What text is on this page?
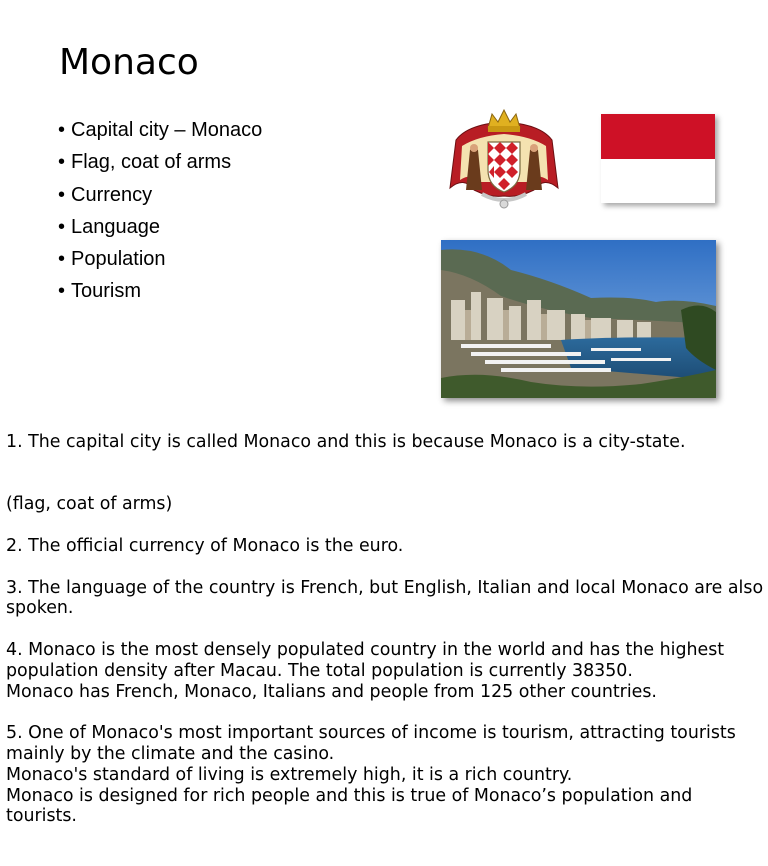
Monaco
• Capital city – Monaco
• Flag, coat of arms
• Currency
• Language
• Population
• Tourism

1. The capital city is called Monaco and this is because Monaco is a city-state.

(flag, coat of arms)

2. The official currency of Monaco is the euro.

3. The language of the country is French, but English, Italian and local Monaco are also spoken.

4. Monaco is the most densely populated country in the world and has the highest population density after Macau. The total population is currently 38350.

Monaco has French, Monaco, Italians and people from 125 other countries.

5. One of Monaco's most important sources of income is tourism, attracting tourists mainly by the climate and the casino.

Monaco's standard of living is extremely high, it is a rich country.

Monaco is designed for rich people and this is true of Monaco’s population and tourists.
